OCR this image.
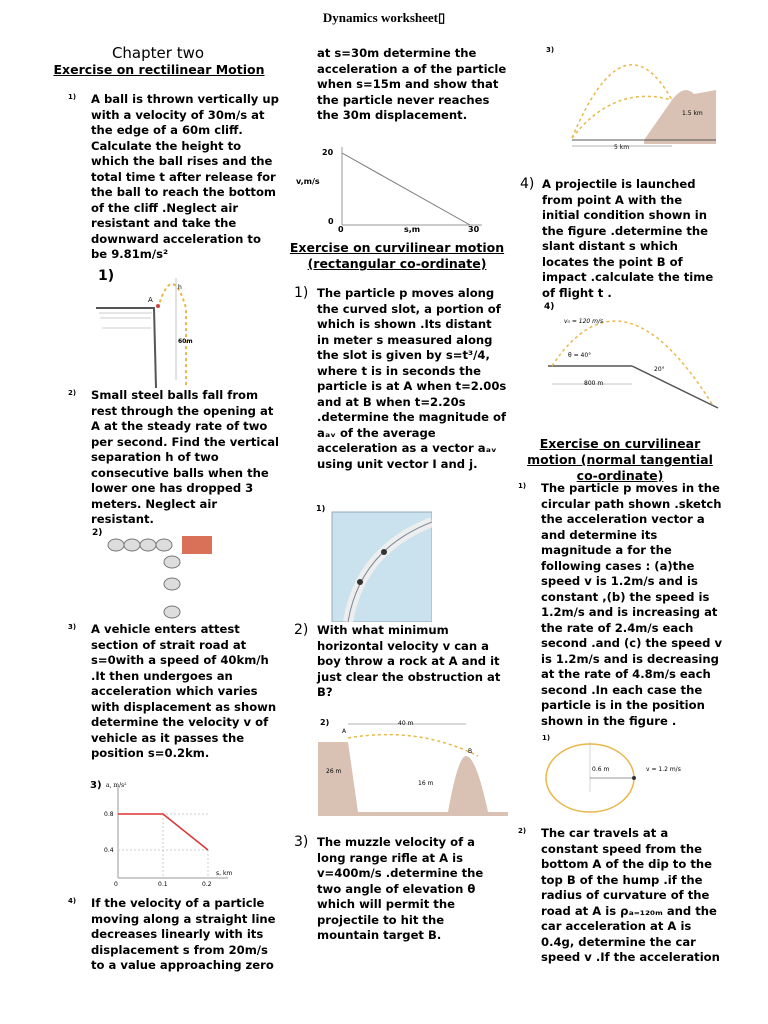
Dynamics worksheet▯
Chapter two
Exercise on rectilinear Motion
1) A ball is thrown vertically up with a velocity of 30m/s at the edge of a 60m cliff. Calculate the height to which the ball rises and the total time t after release for the ball to reach the bottom of the cliff .Neglect air resistant and take the downward acceleration to be 9.81m/s²
1)
A
h
60m
2) Small steel balls fall from rest through the opening at A at the steady rate of two per second. Find the vertical separation h of two consecutive balls when the lower one has dropped 3 meters. Neglect air resistant.
2)
3) A vehicle enters attest section of strait road at s=0with a speed of 40km/h .It then undergoes an acceleration which varies with displacement as shown determine the velocity v of vehicle as it passes the position s=0.2km.
3) a, m/s²
0.8
0.4
0	0.1	0.2
s, km
4) If the velocity of a particle moving along a straight line decreases linearly with its displacement s from 20m/s to a value approaching zero
at s=30m determine the acceleration a of the particle when s=15m and show that the particle never reaches the 30m displacement.
20
v,m/s
0
0	s,m	30
Exercise on curvilinear motion
(rectangular co-ordinate)
1) The particle p moves along the curved slot, a portion of which is shown .Its distant in meter s measured along the slot is given by s=t³/4, where t is in seconds the particle is at A when t=2.00s and at B when t=2.20s .determine the magnitude of aₐᵥ of the average acceleration as a vector aₐᵥ using unit vector I and j.
1)
2) With what minimum horizontal velocity v can a boy throw a rock at A and it just clear the obstruction at B?
2)	40 m
26 m
16 m
A
B
3) The muzzle velocity of a long range rifle at A is v=400m/s .determine the two angle of elevation θ which will permit the projectile to hit the mountain target B.
3)
1.5 km
5 km
4) A projectile is launched from point A with the initial condition shown in the figure .determine the slant distant s which locates the point B of impact .calculate the time of flight t .
4)
v₀ = 120 m/s
θ = 40°
800 m
20°
Exercise on curvilinear
motion (normal tangential
co-ordinate)
1) The particle p moves in the circular path shown .sketch the acceleration vector a and determine its magnitude a for the following cases : (a)the speed v is 1.2m/s and is constant ,(b) the speed is 1.2m/s and is increasing at the rate of 2.4m/s each second .and (c) the speed v is 1.2m/s and is decreasing at the rate of 4.8m/s each second .In each case the particle is in the position shown in the figure .
1)
0.6 m	v = 1.2 m/s
2) The car travels at a constant speed from the bottom A of the dip to the top B of the hump .if the radius of curvature of the road at A is ρₐ₌₁₂₀ₘ and the car acceleration at A is 0.4g, determine the car speed v .If the acceleration
